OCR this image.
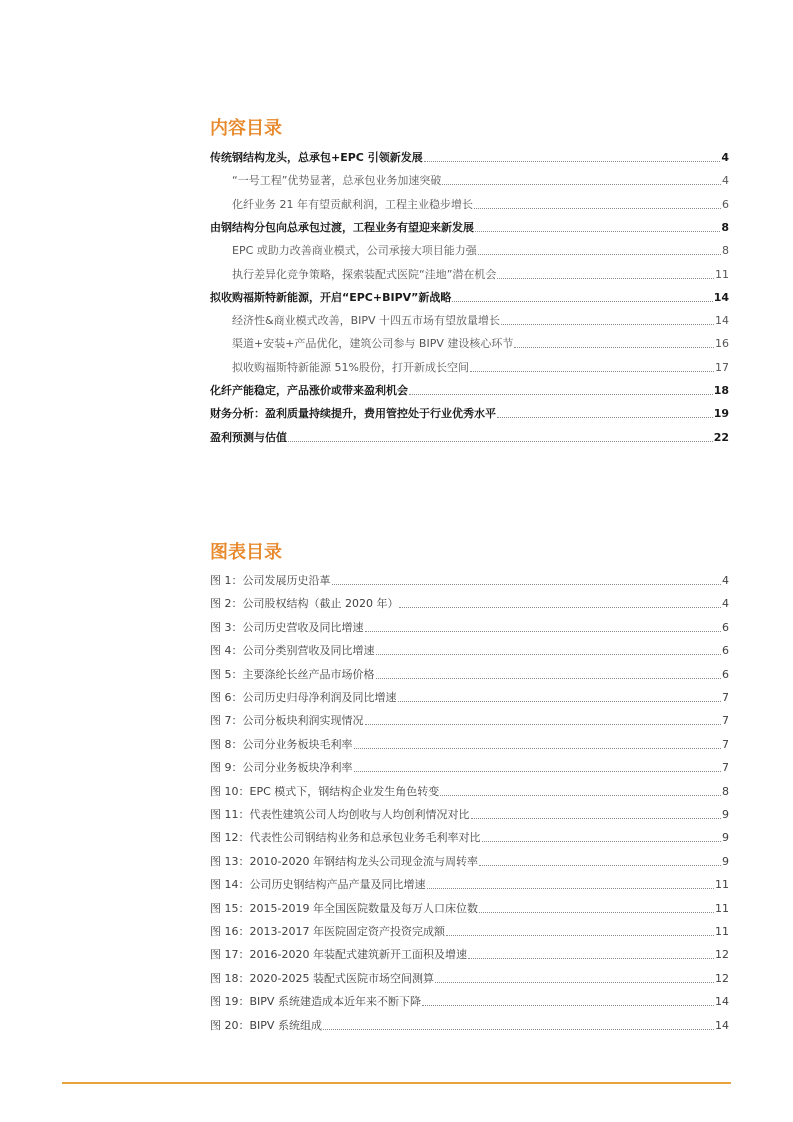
内容目录
传统钢结构龙头，总承包+EPC 引领新发展	4
“一号工程”优势显著，总承包业务加速突破	4
化纤业务 21 年有望贡献利润，工程主业稳步增长	6
由钢结构分包向总承包过渡，工程业务有望迎来新发展	8
EPC 或助力改善商业模式，公司承接大项目能力强	8
执行差异化竞争策略，探索装配式医院“洼地”潜在机会	11
拟收购福斯特新能源，开启“EPC+BIPV”新战略	14
经济性&商业模式改善，BIPV 十四五市场有望放量增长	14
渠道+安装+产品优化，建筑公司参与 BIPV 建设核心环节	16
拟收购福斯特新能源 51%股份，打开新成长空间	17
化纤产能稳定，产品涨价或带来盈利机会	18
财务分析：盈利质量持续提升，费用管控处于行业优秀水平	19
盈利预测与估值	22
图表目录
图 1：公司发展历史沿革	4
图 2：公司股权结构（截止 2020 年）	4
图 3：公司历史营收及同比增速	6
图 4：公司分类别营收及同比增速	6
图 5：主要涤纶长丝产品市场价格	6
图 6：公司历史归母净利润及同比增速	7
图 7：公司分板块利润实现情况	7
图 8：公司分业务板块毛利率	7
图 9：公司分业务板块净利率	7
图 10：EPC 模式下，钢结构企业发生角色转变	8
图 11：代表性建筑公司人均创收与人均创利情况对比	9
图 12：代表性公司钢结构业务和总承包业务毛利率对比	9
图 13：2010-2020 年钢结构龙头公司现金流与周转率	9
图 14：公司历史钢结构产品产量及同比增速	11
图 15：2015-2019 年全国医院数量及每万人口床位数	11
图 16：2013-2017 年医院固定资产投资完成额	11
图 17：2016-2020 年装配式建筑新开工面积及增速	12
图 18：2020-2025 装配式医院市场空间测算	12
图 19：BIPV 系统建造成本近年来不断下降	14
图 20：BIPV 系统组成	14
